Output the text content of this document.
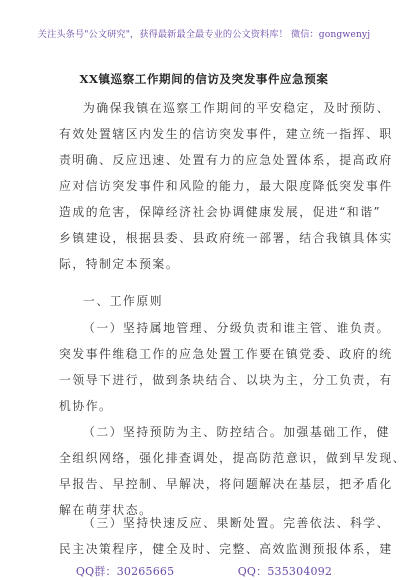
关注头条号"公文研究"，获得最新最全最专业的公文资料库！ 微信：gongwenyj
XX镇巡察工作期间的信访及突发事件应急预案
为确保我镇在巡察工作期间的平安稳定，及时预防、
有效处置辖区内发生的信访突发事件，建立统一指挥、职
责明确、反应迅速、处置有力的应急处置体系，提高政府
应对信访突发事件和风险的能力，最大限度降低突发事件
造成的危害，保障经济社会协调健康发展，促进“和谐”
乡镇建设，根据县委、县政府统一部署，结合我镇具体实
际，特制定本预案。
一、工作原则
（一）坚持属地管理、分级负责和谁主管、谁负责。
突发事件维稳工作的应急处置工作要在镇党委、政府的统
一领导下进行，做到条块结合、以块为主，分工负责，有
机协作。
（二）坚持预防为主、防控结合。加强基础工作，健
全组织网络，强化排查调处，提高防范意识，做到早发现、
早报告、早控制、早解决，将问题解决在基层，把矛盾化
解在萌芽状态。
（三）坚持快速反应、果断处置。完善依法、科学、
QQ群：30265665	QQ：535304092
民主决策程序，健全及时、完整、高效监测预报体系，建
